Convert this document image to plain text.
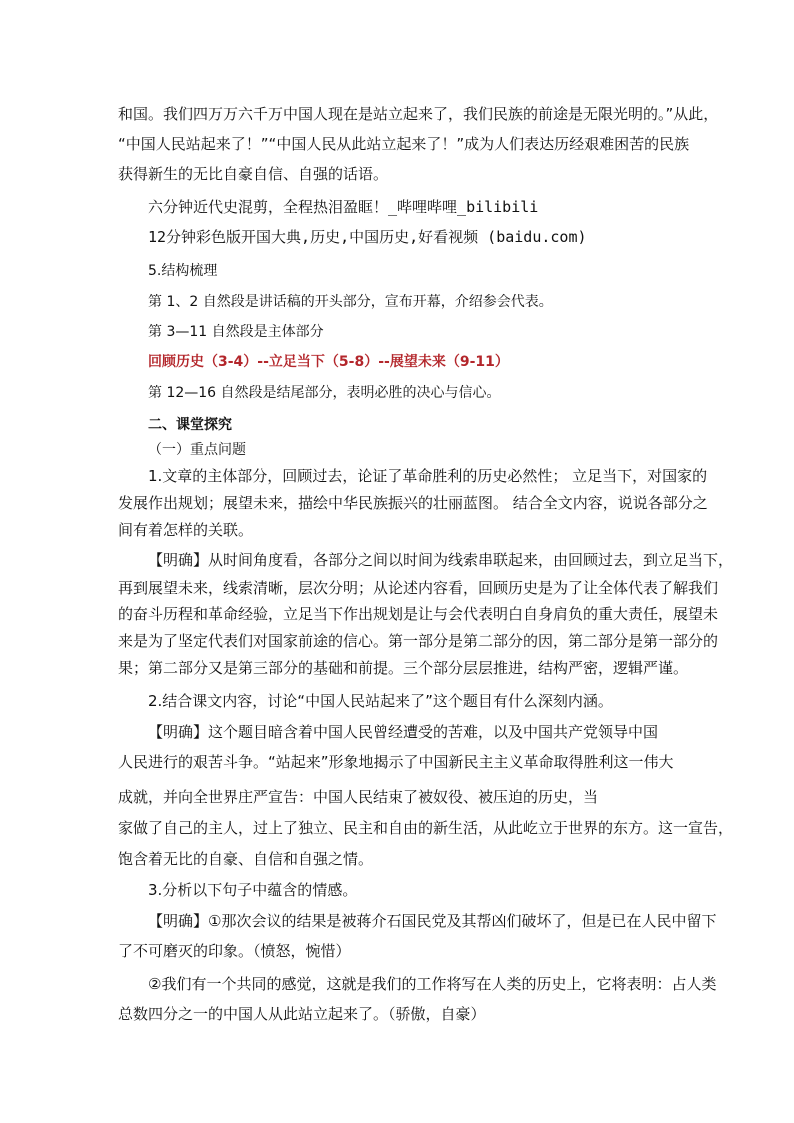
和国。我们四万万六千万中国人现在是站立起来了，我们民族的前途是无限光明的。”从此，
“中国人民站起来了！”“中国人民从此站立起来了！”成为人们表达历经艰难困苦的民族
获得新生的无比自豪自信、自强的话语。
六分钟近代史混剪，全程热泪盈眶！_哔哩哔哩_bilibili
12分钟彩色版开国大典,历史,中国历史,好看视频 (baidu.com)
5.结构梳理
第 1、2 自然段是讲话稿的开头部分，宣布开幕，介绍参会代表。
第 3—11 自然段是主体部分
回顾历史（3-4）--立足当下（5-8）--展望未来（9-11）
第 12—16 自然段是结尾部分，表明必胜的决心与信心。
二、课堂探究
（一）重点问题
1.文章的主体部分，回顾过去，论证了革命胜利的历史必然性； 立足当下，对国家的
发展作出规划；展望未来，描绘中华民族振兴的壮丽蓝图。 结合全文内容，说说各部分之
间有着怎样的关联。
【明确】从时间角度看，各部分之间以时间为线索串联起来，由回顾过去，到立足当下，
再到展望未来，线索清晰，层次分明；从论述内容看，回顾历史是为了让全体代表了解我们
的奋斗历程和革命经验，立足当下作出规划是让与会代表明白自身肩负的重大责任，展望未
来是为了坚定代表们对国家前途的信心。第一部分是第二部分的因，第二部分是第一部分的
果；第二部分又是第三部分的基础和前提。三个部分层层推进，结构严密，逻辑严谨。
2.结合课文内容，讨论“中国人民站起来了”这个题目有什么深刻内涵。
【明确】这个题目暗含着中国人民曾经遭受的苦难，以及中国共产党领导中国
人民进行的艰苦斗争。“站起来”形象地揭示了中国新民主主义革命取得胜利这一伟大
成就，并向全世界庄严宣告：中国人民结束了被奴役、被压迫的历史，当
家做了自己的主人，过上了独立、民主和自由的新生活，从此屹立于世界的东方。这一宣告，
饱含着无比的自豪、自信和自强之情。
3.分析以下句子中蕴含的情感。
【明确】①那次会议的结果是被蒋介石国民党及其帮凶们破坏了，但是已在人民中留下
了不可磨灭的印象。（愤怒，惋惜）
②我们有一个共同的感觉，这就是我们的工作将写在人类的历史上，它将表明：占人类
总数四分之一的中国人从此站立起来了。（骄傲，自豪）
